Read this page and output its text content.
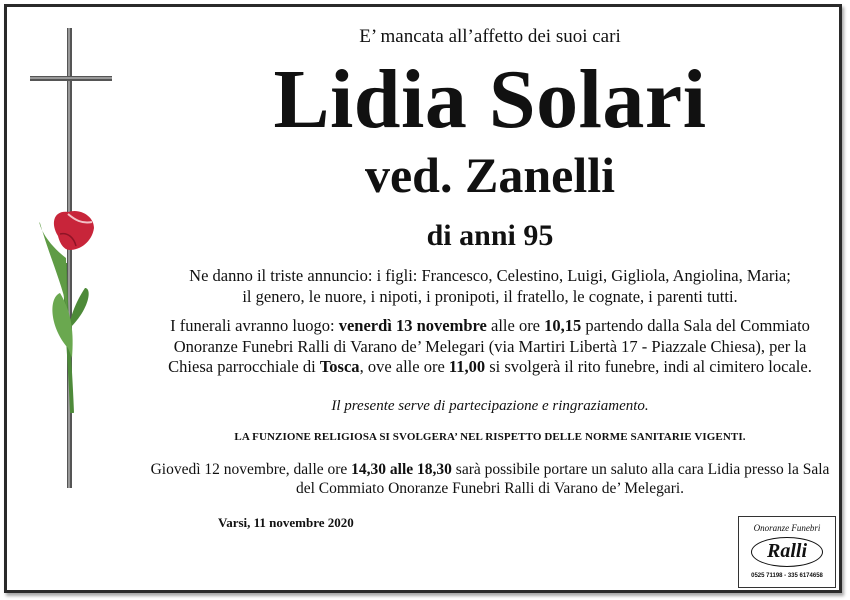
E’ mancata all’affetto dei suoi cari
Lidia Solari
ved. Zanelli
di anni 95
Ne danno il triste annuncio: i figli: Francesco, Celestino, Luigi, Gigliola, Angiolina, Maria;
il genero, le nuore, i nipoti, i pronipoti, il fratello, le cognate, i parenti tutti.
I funerali avranno luogo: venerdì 13 novembre alle ore 10,15 partendo dalla Sala del Commiato Onoranze Funebri Ralli di Varano de’ Melegari (via Martiri Libertà 17 - Piazzale Chiesa), per la Chiesa parrocchiale di Tosca, ove alle ore 11,00 si svolgerà il rito funebre, indi al cimitero locale.
Il presente serve di partecipazione e ringraziamento.
LA FUNZIONE RELIGIOSA SI SVOLGERA’ NEL RISPETTO DELLE NORME SANITARIE VIGENTI.
Giovedì 12 novembre, dalle ore 14,30 alle 18,30 sarà possibile portare un saluto alla cara Lidia presso la Sala del Commiato Onoranze Funebri Ralli di Varano de’ Melegari.
Varsi, 11 novembre 2020	Onoranze Funebri
Ralli
0525 71198 - 335 6174658
